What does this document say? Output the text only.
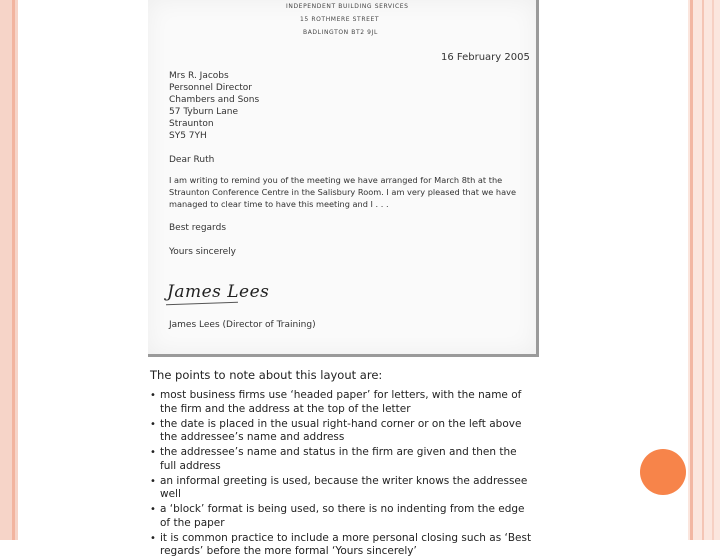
INDEPENDENT BUILDING SERVICES
15 ROTHMERE STREET
BADLINGTON BT2 9JL
16 February 2005
Mrs R. Jacobs
Personnel Director
Chambers and Sons
57 Tyburn Lane
Straunton
SY5 7YH
Dear Ruth
I am writing to remind you of the meeting we have arranged for March 8th at the
Straunton Conference Centre in the Salisbury Room. I am very pleased that we have
managed to clear time to have this meeting and I . . .
Best regards
Yours sincerely
James Lees
James Lees (Director of Training)
The points to note about this layout are:
• most business firms use ‘headed paper’ for letters, with the name of the firm and the address at the top of the letter
• the date is placed in the usual right-hand corner or on the left above the addressee’s name and address
• the addressee’s name and status in the firm are given and then the full address
• an informal greeting is used, because the writer knows the addressee well
• a ‘block’ format is being used, so there is no indenting from the edge of the paper
• it is common practice to include a more personal closing such as ‘Best regards’ before the more formal ‘Yours sincerely’
